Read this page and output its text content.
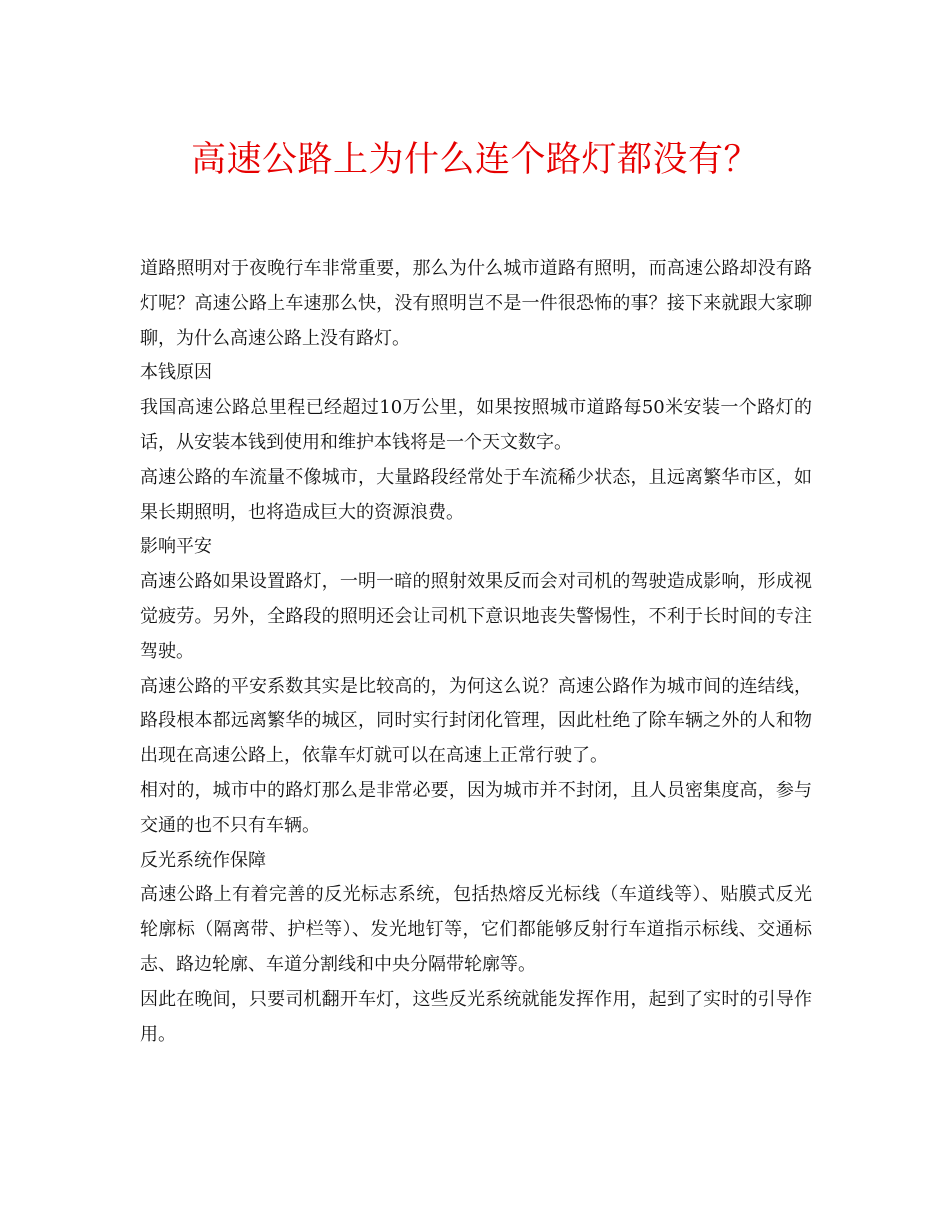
高速公路上为什么连个路灯都没有？

道路照明对于夜晚行车非常重要，那么为什么城市道路有照明，而高速公路却没有路灯呢？高速公路上车速那么快，没有照明岂不是一件很恐怖的事？接下来就跟大家聊聊，为什么高速公路上没有路灯。

本钱原因

我国高速公路总里程已经超过10万公里，如果按照城市道路每50米安装一个路灯的话，从安装本钱到使用和维护本钱将是一个天文数字。

高速公路的车流量不像城市，大量路段经常处于车流稀少状态，且远离繁华市区，如果长期照明，也将造成巨大的资源浪费。

影响平安

高速公路如果设置路灯，一明一暗的照射效果反而会对司机的驾驶造成影响，形成视觉疲劳。另外，全路段的照明还会让司机下意识地丧失警惕性，不利于长时间的专注驾驶。

高速公路的平安系数其实是比较高的，为何这么说？高速公路作为城市间的连结线，路段根本都远离繁华的城区，同时实行封闭化管理，因此杜绝了除车辆之外的人和物出现在高速公路上，依靠车灯就可以在高速上正常行驶了。

相对的，城市中的路灯那么是非常必要，因为城市并不封闭，且人员密集度高，参与交通的也不只有车辆。

反光系统作保障

高速公路上有着完善的反光标志系统，包括热熔反光标线（车道线等）、贴膜式反光轮廓标（隔离带、护栏等）、发光地钉等，它们都能够反射行车道指示标线、交通标志、路边轮廓、车道分割线和中央分隔带轮廓等。

因此在晚间，只要司机翻开车灯，这些反光系统就能发挥作用，起到了实时的引导作用。
